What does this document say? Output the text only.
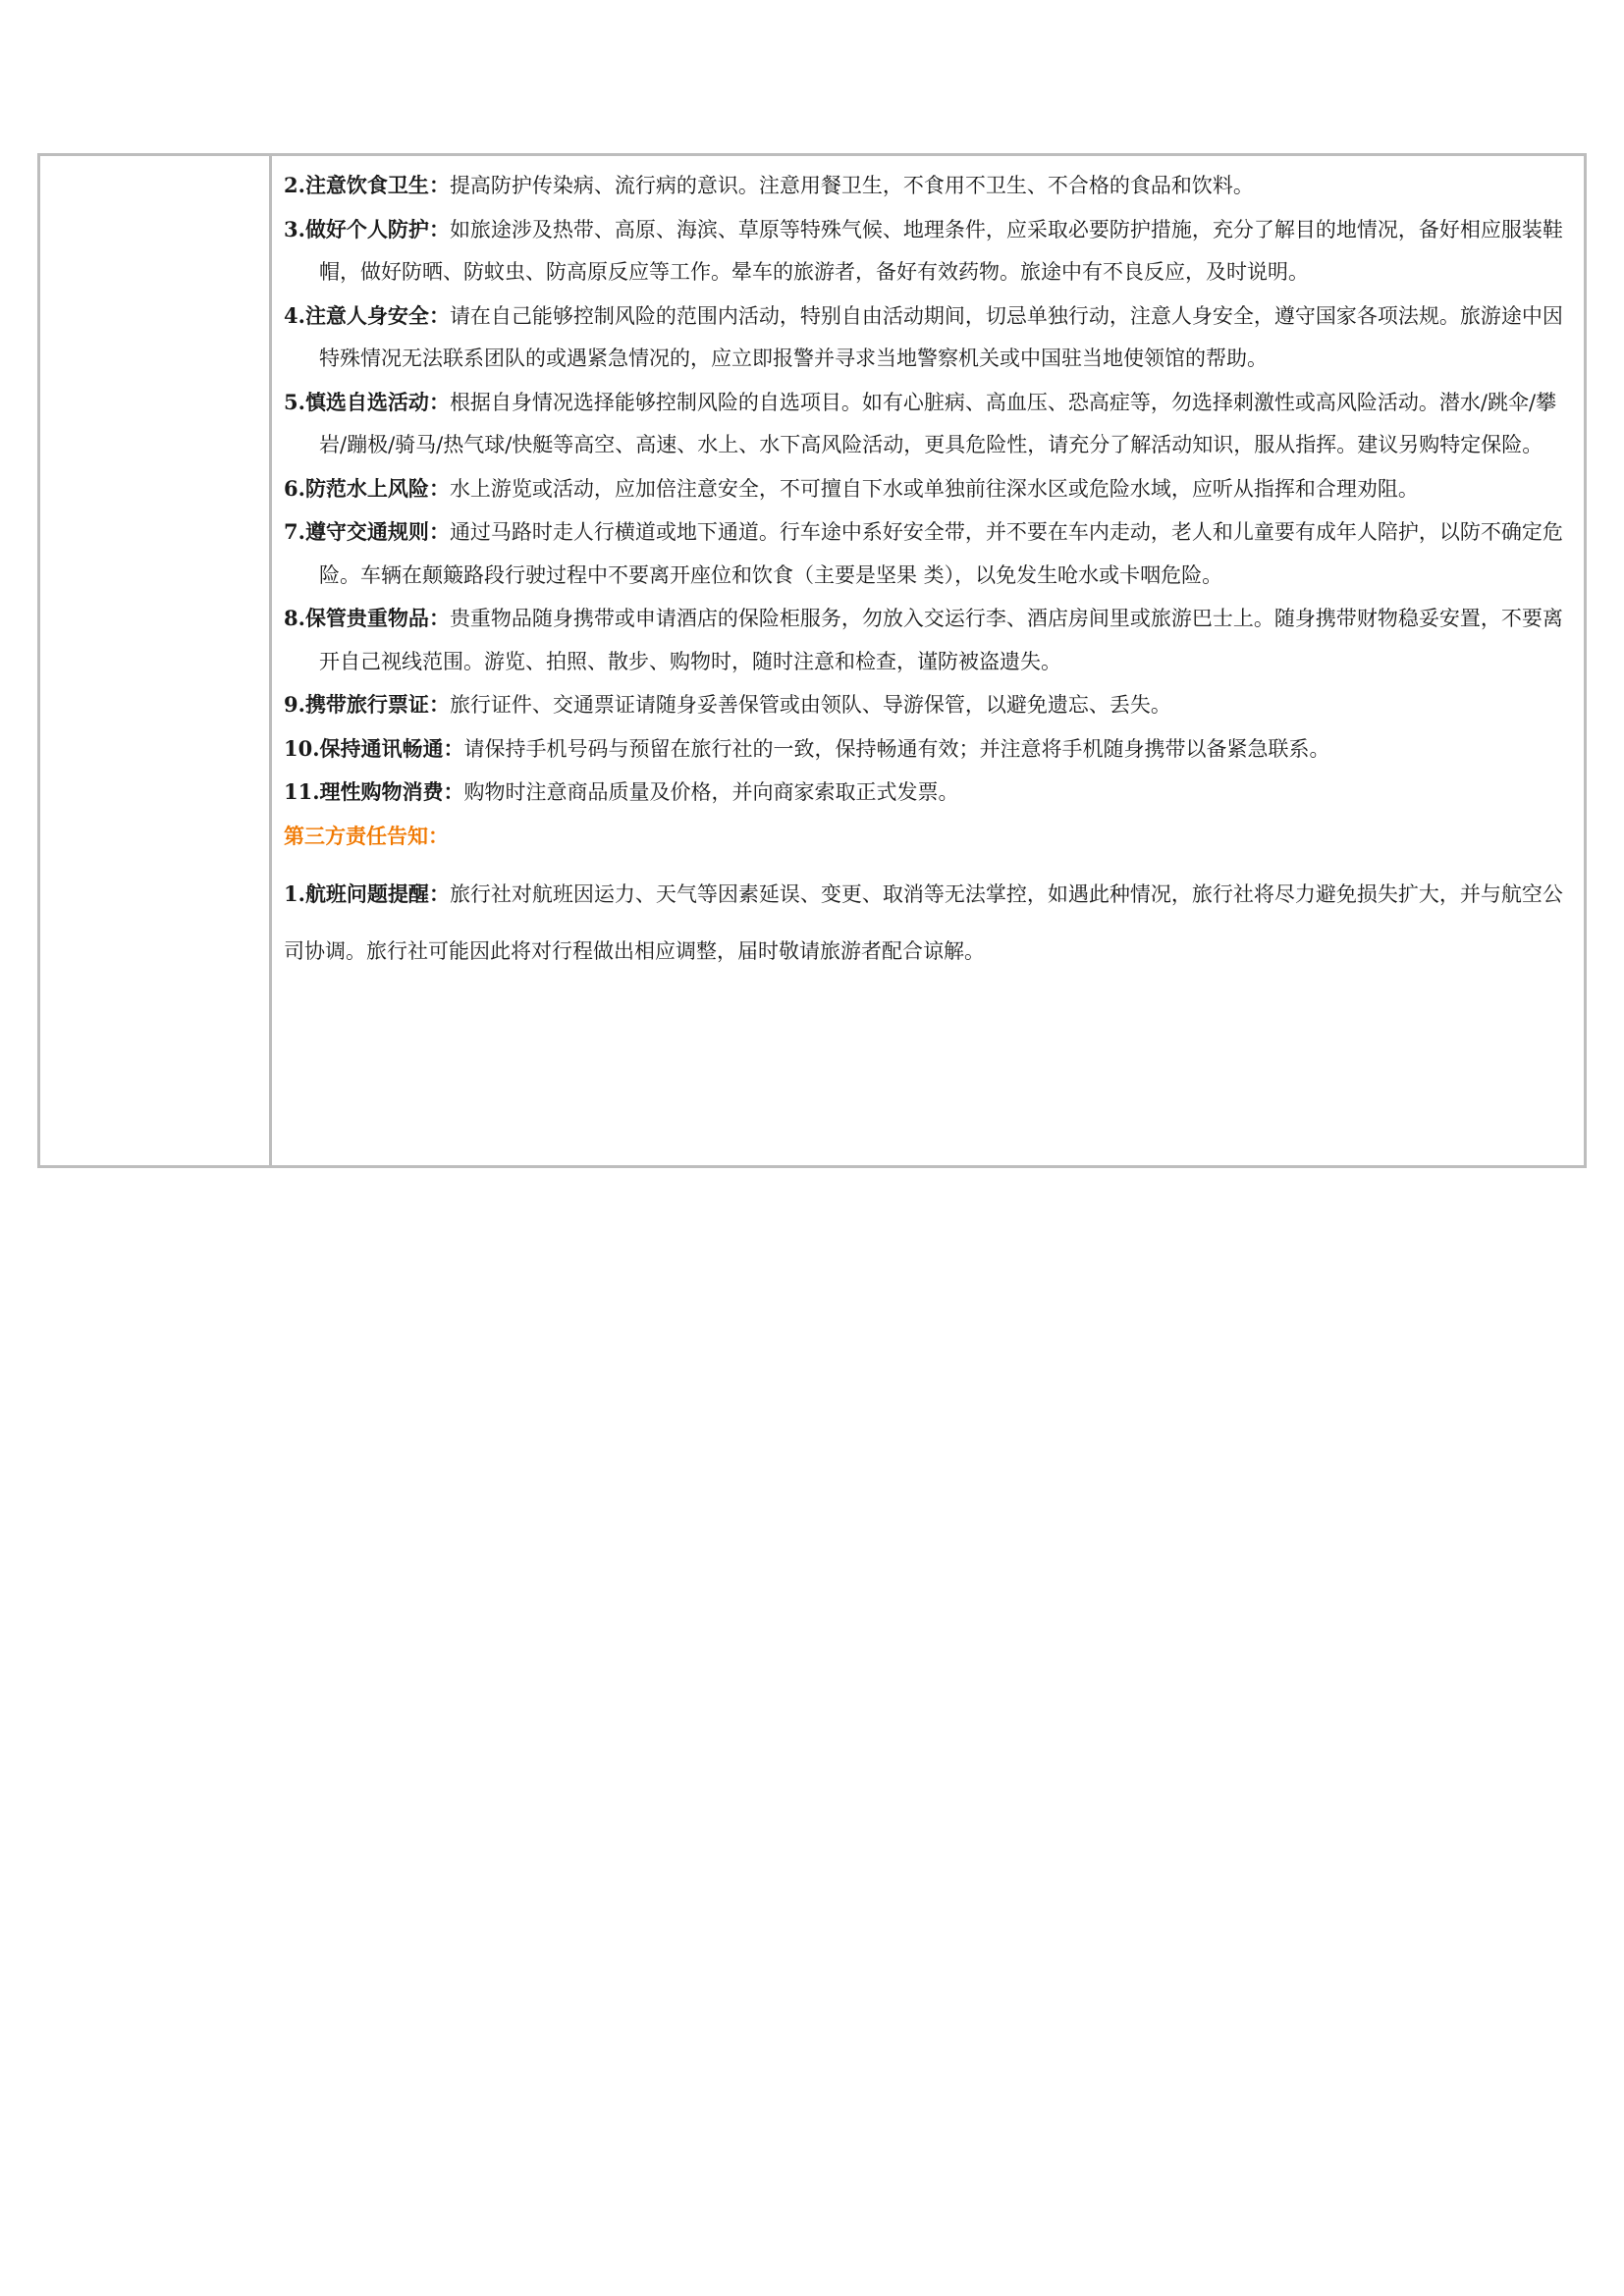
2.注意饮食卫生：提高防护传染病、流行病的意识。注意用餐卫生，不食用不卫生、不合格的食品和饮料。

3.做好个人防护：如旅途涉及热带、高原、海滨、草原等特殊气候、地理条件，应采取必要防护措施，充分了解目的地情况，备好相应服装鞋帽，做好防晒、防蚊虫、防高原反应等工作。晕车的旅游者，备好有效药物。旅途中有不良反应，及时说明。

4.注意人身安全：请在自己能够控制风险的范围内活动，特别自由活动期间，切忌单独行动，注意人身安全，遵守国家各项法规。旅游途中因特殊情况无法联系团队的或遇紧急情况的，应立即报警并寻求当地警察机关或中国驻当地使领馆的帮助。

5.慎选自选活动：根据自身情况选择能够控制风险的自选项目。如有心脏病、高血压、恐高症等，勿选择刺激性或高风险活动。潜水/跳伞/攀岩/蹦极/骑马/热气球/快艇等高空、高速、水上、水下高风险活动，更具危险性，请充分了解活动知识，服从指挥。建议另购特定保险。

6.防范水上风险：水上游览或活动，应加倍注意安全，不可擅自下水或单独前往深水区或危险水域，应听从指挥和合理劝阻。

7.遵守交通规则：通过马路时走人行横道或地下通道。行车途中系好安全带，并不要在车内走动，老人和儿童要有成年人陪护，以防不确定危险。车辆在颠簸路段行驶过程中不要离开座位和饮食（主要是坚果 类），以免发生呛水或卡咽危险。

8.保管贵重物品：贵重物品随身携带或申请酒店的保险柜服务，勿放入交运行李、酒店房间里或旅游巴士上。随身携带财物稳妥安置，不要离开自己视线范围。游览、拍照、散步、购物时，随时注意和检查，谨防被盗遗失。

9.携带旅行票证：旅行证件、交通票证请随身妥善保管或由领队、导游保管，以避免遗忘、丢失。

10.保持通讯畅通：请保持手机号码与预留在旅行社的一致，保持畅通有效；并注意将手机随身携带以备紧急联系。

11.理性购物消费：购物时注意商品质量及价格，并向商家索取正式发票。

第三方责任告知：

1.航班问题提醒：旅行社对航班因运力、天气等因素延误、变更、取消等无法掌控，如遇此种情况，旅行社将尽力避免损失扩大，并与航空公司协调。旅行社可能因此将对行程做出相应调整，届时敬请旅游者配合谅解。
